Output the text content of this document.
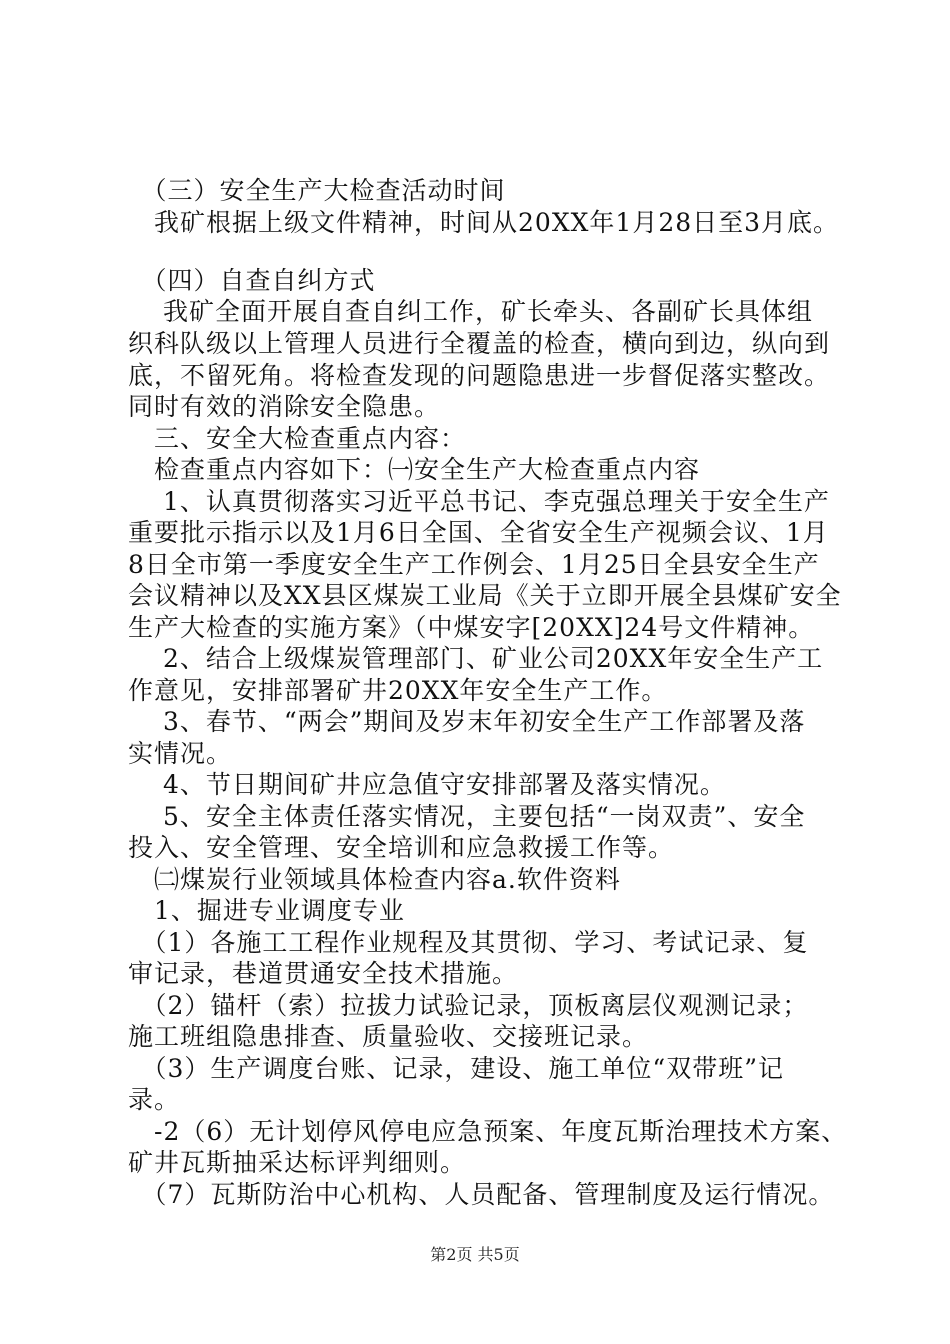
　（三）安全生产大检查活动时间
　我矿根据上级文件精神，时间从20XX年1月28日至3月底。
　（四）自查自纠方式
　 我矿全面开展自查自纠工作，矿长牵头、各副矿长具体组
织科队级以上管理人员进行全覆盖的检查，横向到边，纵向到
底，不留死角。将检查发现的问题隐患进一步督促落实整改。
同时有效的消除安全隐患。
　三、安全大检查重点内容：
　检查重点内容如下：㈠安全生产大检查重点内容
　 1、认真贯彻落实习近平总书记、李克强总理关于安全生产
重要批示指示以及1月6日全国、全省安全生产视频会议、1月
8日全市第一季度安全生产工作例会、1月25日全县安全生产
会议精神以及XX县区煤炭工业局《关于立即开展全县煤矿安全
生产大检查的实施方案》（中煤安字[20XX]24号文件精神。
　 2、结合上级煤炭管理部门、矿业公司20XX年安全生产工
作意见，安排部署矿井20XX年安全生产工作。
　 3、春节、“两会”期间及岁末年初安全生产工作部署及落
实情况。
　 4、节日期间矿井应急值守安排部署及落实情况。
　 5、安全主体责任落实情况，主要包括“一岗双责”、安全
投入、安全管理、安全培训和应急救援工作等。
　㈡煤炭行业领域具体检查内容a.软件资料
　1、掘进专业调度专业
　（1）各施工工程作业规程及其贯彻、学习、考试记录、复
审记录，巷道贯通安全技术措施。
　（2）锚杆（索）拉拔力试验记录，顶板离层仪观测记录；
施工班组隐患排查、质量验收、交接班记录。
　（3）生产调度台账、记录，建设、施工单位“双带班”记
录。
　-2（6）无计划停风停电应急预案、年度瓦斯治理技术方案、
矿井瓦斯抽采达标评判细则。
　（7）瓦斯防治中心机构、人员配备、管理制度及运行情况。
第2页 共5页
